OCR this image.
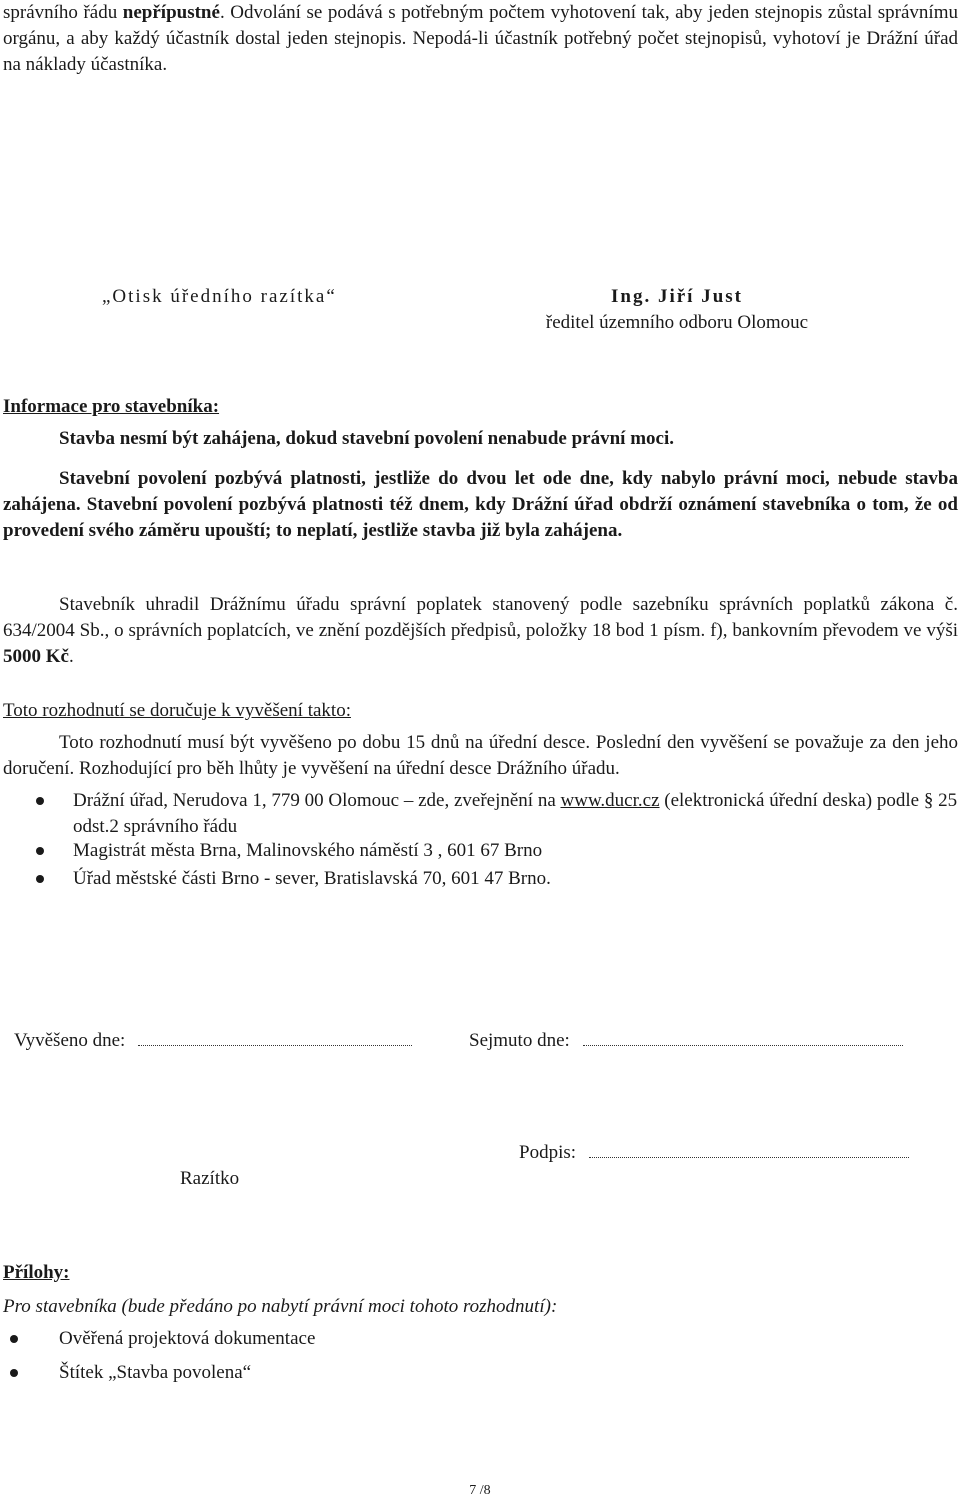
správního řádu nepřípustné. Odvolání se podává s potřebným počtem vyhotovení tak, aby jeden stejnopis zůstal správnímu orgánu, a aby každý účastník dostal jeden stejnopis. Nepodá-li účastník potřebný počet stejnopisů, vyhotoví je Drážní úřad na náklady účastníka.
„Otisk úředního razítka“	Ing. Jiří Just
ředitel územního odboru Olomouc
Informace pro stavebníka:
Stavba nesmí být zahájena, dokud stavební povolení nenabude právní moci.
Stavební povolení pozbývá platnosti, jestliže do dvou let ode dne, kdy nabylo právní moci, nebude stavba zahájena. Stavební povolení pozbývá platnosti též dnem, kdy Drážní úřad obdrží oznámení stavebníka o tom, že od provedení svého záměru upouští; to neplatí, jestliže stavba již byla zahájena.
Stavebník uhradil Drážnímu úřadu správní poplatek stanovený podle sazebníku správních poplatků zákona č. 634/2004 Sb., o správních poplatcích, ve znění pozdějších předpisů, položky 18 bod 1 písm. f), bankovním převodem ve výši 5000 Kč.
Toto rozhodnutí se doručuje k vyvěšení takto:
Toto rozhodnutí musí být vyvěšeno po dobu 15 dnů na úřední desce. Poslední den vyvěšení se považuje za den jeho doručení. Rozhodující pro běh lhůty je vyvěšení na úřední desce Drážního úřadu.
Drážní úřad, Nerudova 1, 779 00 Olomouc – zde, zveřejnění na www.ducr.cz (elektronická úřední deska) podle § 25 odst.2 správního řádu
Magistrát města Brna, Malinovského náměstí 3 , 601 67 Brno
Úřad městské části Brno - sever, Bratislavská 70, 601 47 Brno.
Vyvěšeno dne:	Sejmuto dne:
Podpis:
Razítko
Přílohy:
Pro stavebníka (bude předáno po nabytí právní moci tohoto rozhodnutí):
Ověřená projektová dokumentace
Štítek „Stavba povolena“
7 /8
